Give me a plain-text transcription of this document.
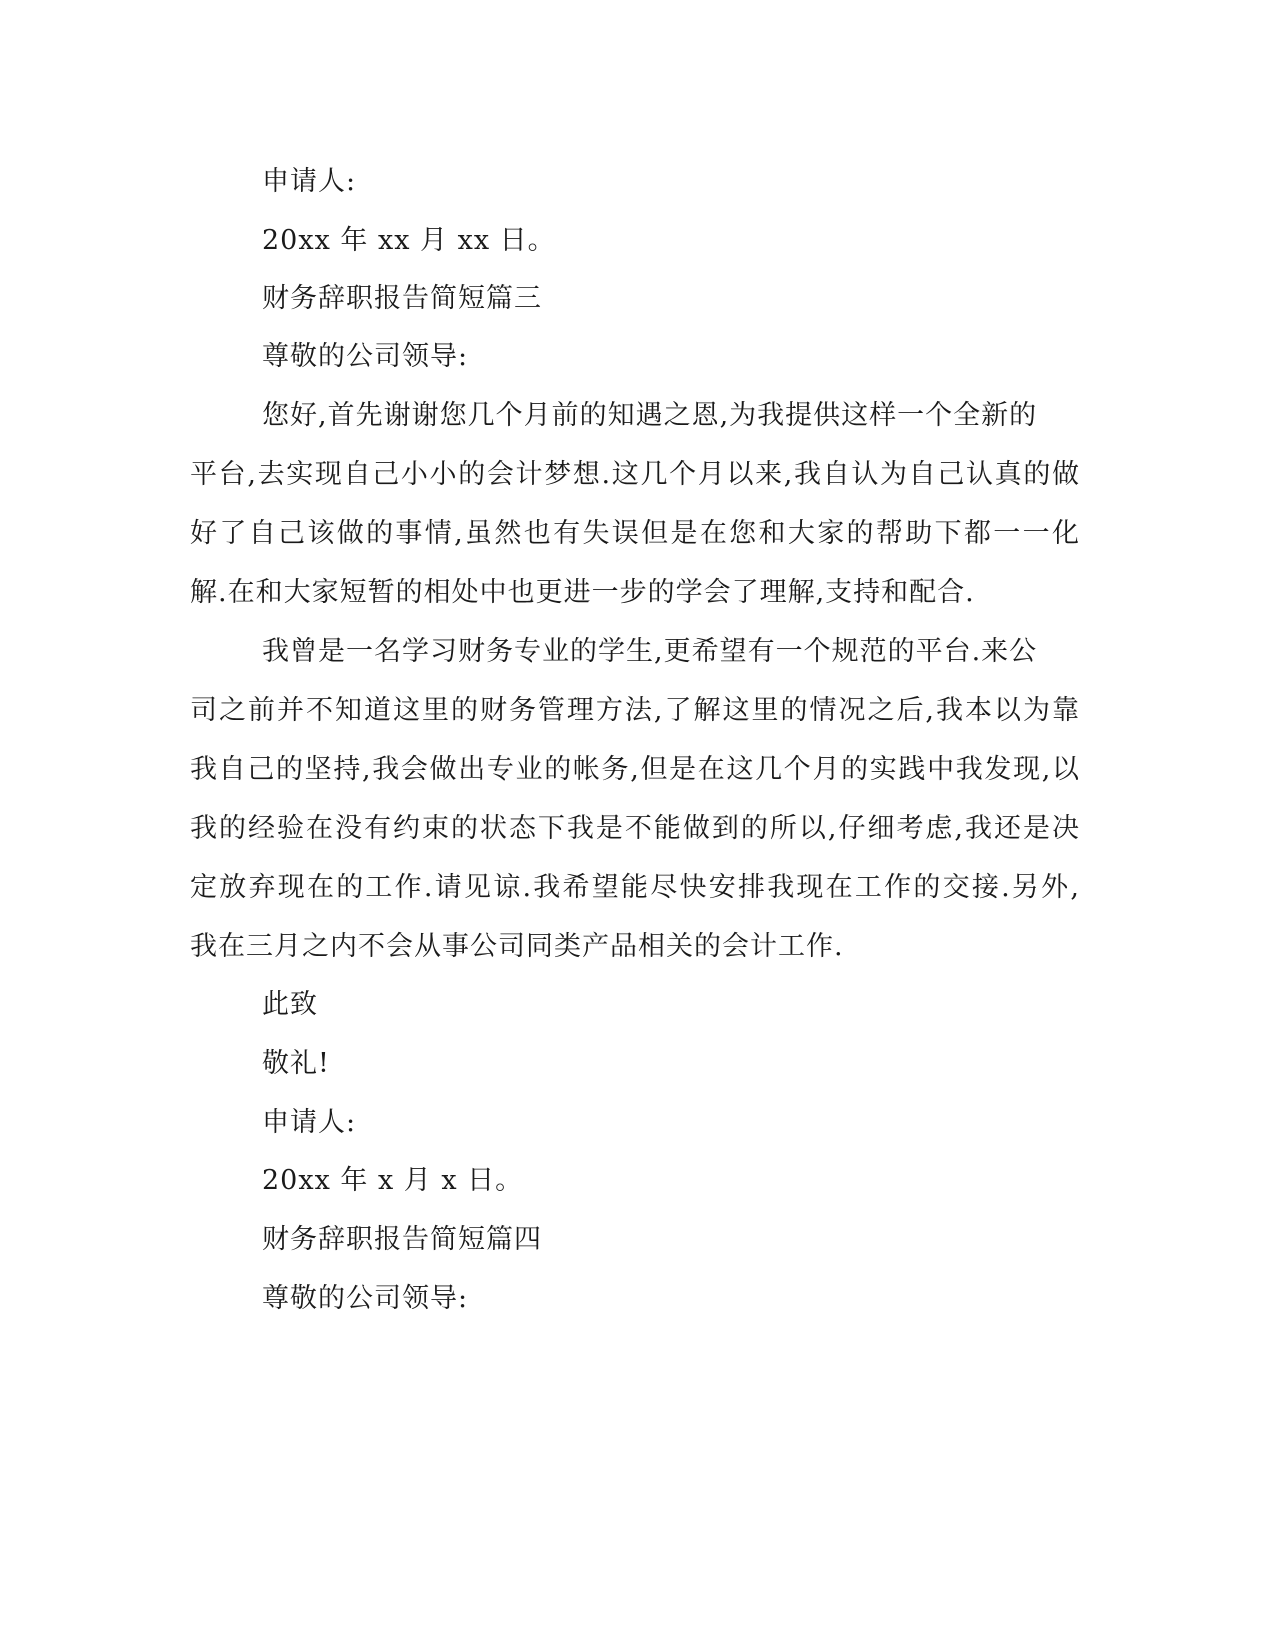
申请人:
20xx 年 xx 月 xx 日。
财务辞职报告简短篇三
尊敬的公司领导:
您好,首先谢谢您几个月前的知遇之恩,为我提供这样一个全新的
平台,去实现自己小小的会计梦想.这几个月以来,我自认为自己认真的做
好了自己该做的事情,虽然也有失误但是在您和大家的帮助下都一一化
解.在和大家短暂的相处中也更进一步的学会了理解,支持和配合.
我曾是一名学习财务专业的学生,更希望有一个规范的平台.来公
司之前并不知道这里的财务管理方法,了解这里的情况之后,我本以为靠
我自己的坚持,我会做出专业的帐务,但是在这几个月的实践中我发现,以
我的经验在没有约束的状态下我是不能做到的所以,仔细考虑,我还是决
定放弃现在的工作.请见谅.我希望能尽快安排我现在工作的交接.另外,
我在三月之内不会从事公司同类产品相关的会计工作.
此致
敬礼!
申请人:
20xx 年 x 月 x 日。
财务辞职报告简短篇四
尊敬的公司领导:
